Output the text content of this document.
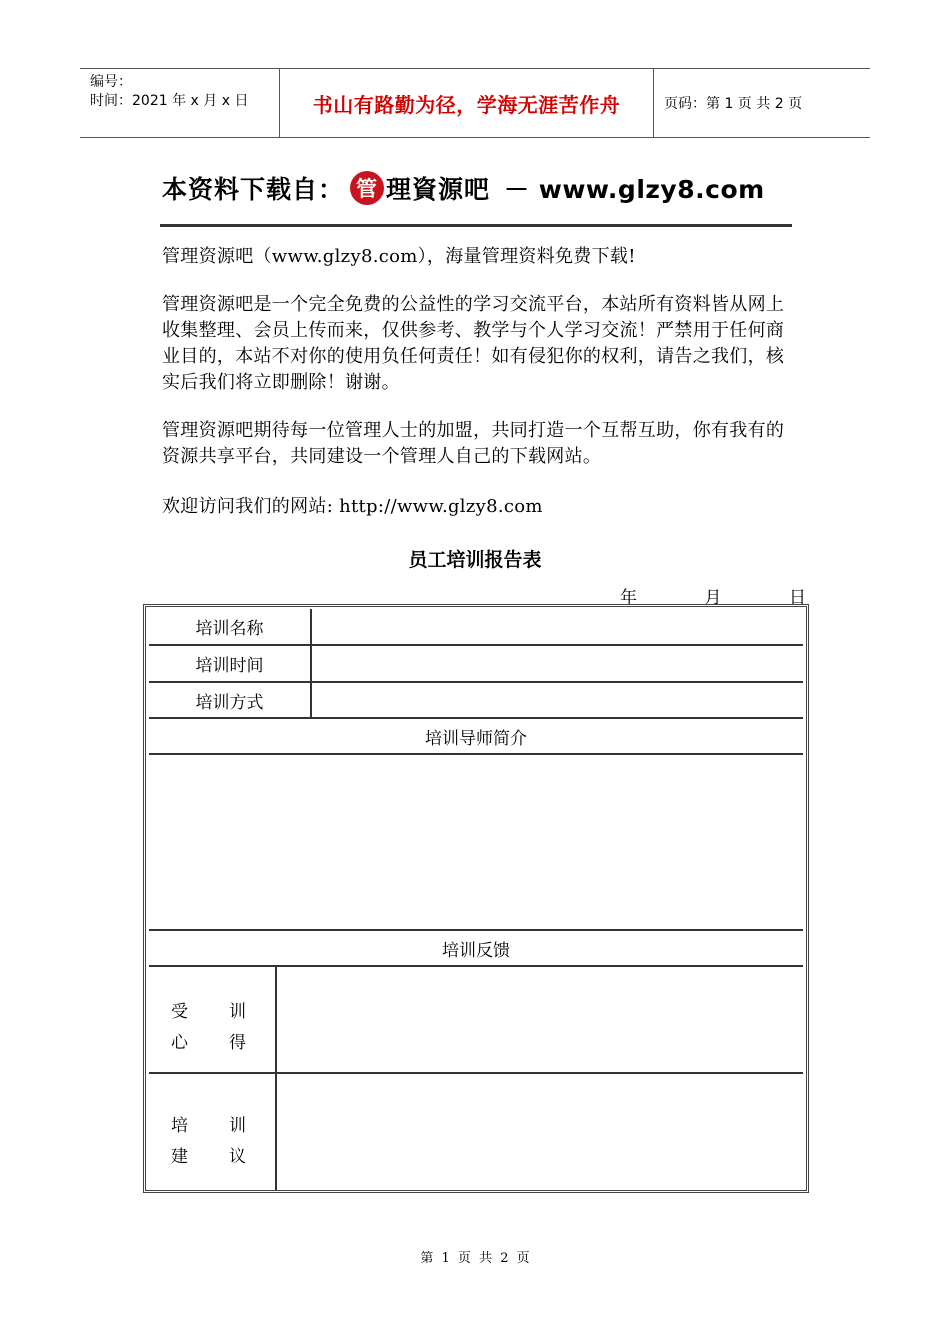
编号：
时间：2021 年 x 月 x 日	书山有路勤为径，学海无涯苦作舟	页码：第 1 页 共 2 页
本资料下载自： 管 理資源吧 － www.glzy8.com

管理资源吧（www.glzy8.com），海量管理资料免费下载!

管理资源吧是一个完全免费的公益性的学习交流平台，本站所有资料皆从网上收集整理、会员上传而来，仅供参考、教学与个人学习交流！严禁用于任何商业目的，本站不对你的使用负任何责任！如有侵犯你的权利，请告之我们，核实后我们将立即删除！谢谢。

管理资源吧期待每一位管理人士的加盟，共同打造一个互帮互助，你有我有的资源共享平台，共同建设一个管理人自己的下载网站。

欢迎访问我们的网站: http://www.glzy8.com

员工培训报告表
年	月	日
培训名称
培训时间
培训方式
培训导师简介
培训反馈
受	训
心	得
培	训
建	议
第 1 页 共 2 页
